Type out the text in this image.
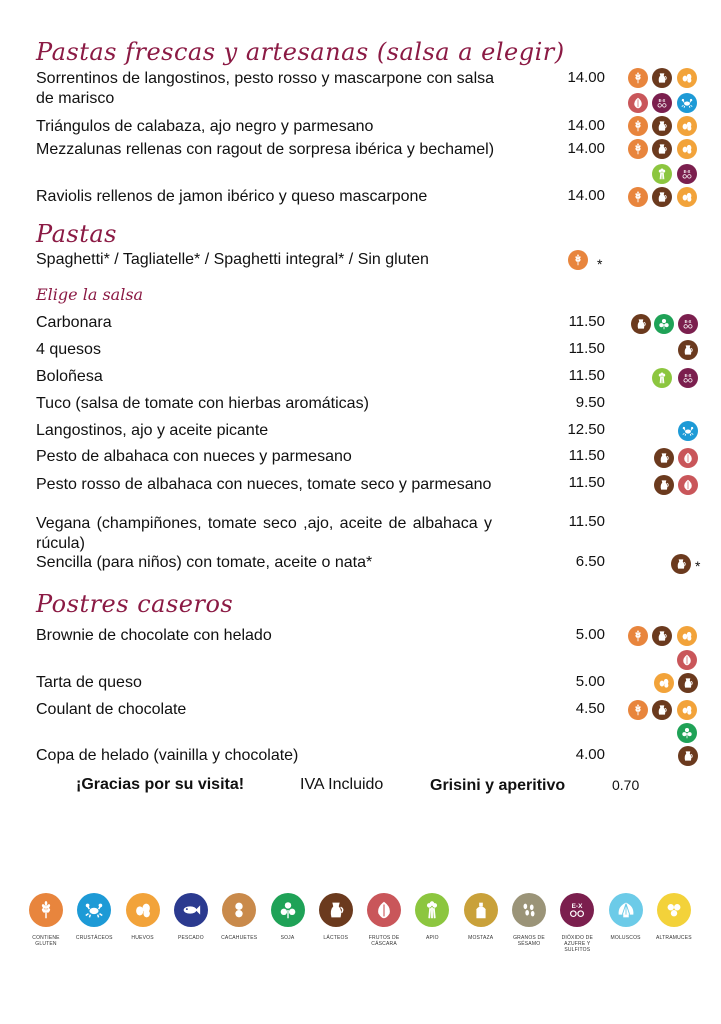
Pastas frescas y artesanas (salsa a elegir)
Sorrentinos de langostinos, pesto rosso y mascarpone con salsa de marisco
14.00
Triángulos de calabaza, ajo negro y parmesano	14.00
Mezzalunas rellenas con ragout de sorpresa ibérica y bechamel)	14.00
Raviolis rellenos de jamon ibérico y queso mascarpone	14.00
Pastas
Spaghetti* / Tagliatelle* / Spaghetti integral* / Sin gluten	*
Elige la salsa
Carbonara	11.50
4 quesos	11.50
Boloñesa	11.50
Tuco (salsa de tomate con hierbas aromáticas)	9.50
Langostinos, ajo y aceite picante	12.50
Pesto de albahaca con nueces y parmesano	11.50
Pesto rosso de albahaca con nueces, tomate seco y parmesano	11.50
Vegana (champiñones, tomate seco ,ajo, aceite de albahaca y rúcula)
11.50
Sencilla (para niños) con tomate, aceite o nata*	6.50	*
Postres caseros
Brownie de chocolate con helado	5.00
Tarta de queso	5.00
Coulant de chocolate	4.50
Copa de helado (vainilla y chocolate)	4.00
¡Gracias por su visita!	IVA Incluido	Grisini y aperitivo	0.70
E-X
E-X
E-X
E-X
CONTIENE GLUTEN
CRUSTÁCEOS	HUEVOS	PESCADO	CACAHUETES	SOJA	LÁCTEOS	FRUTOS DE CÁSCARA
APIO	MOSTAZA	GRANOS DE SÉSAMO
E-X
DIÓXIDO DE AZUFRE Y SULFITOS
MOLUSCOS	ALTRAMUCES
